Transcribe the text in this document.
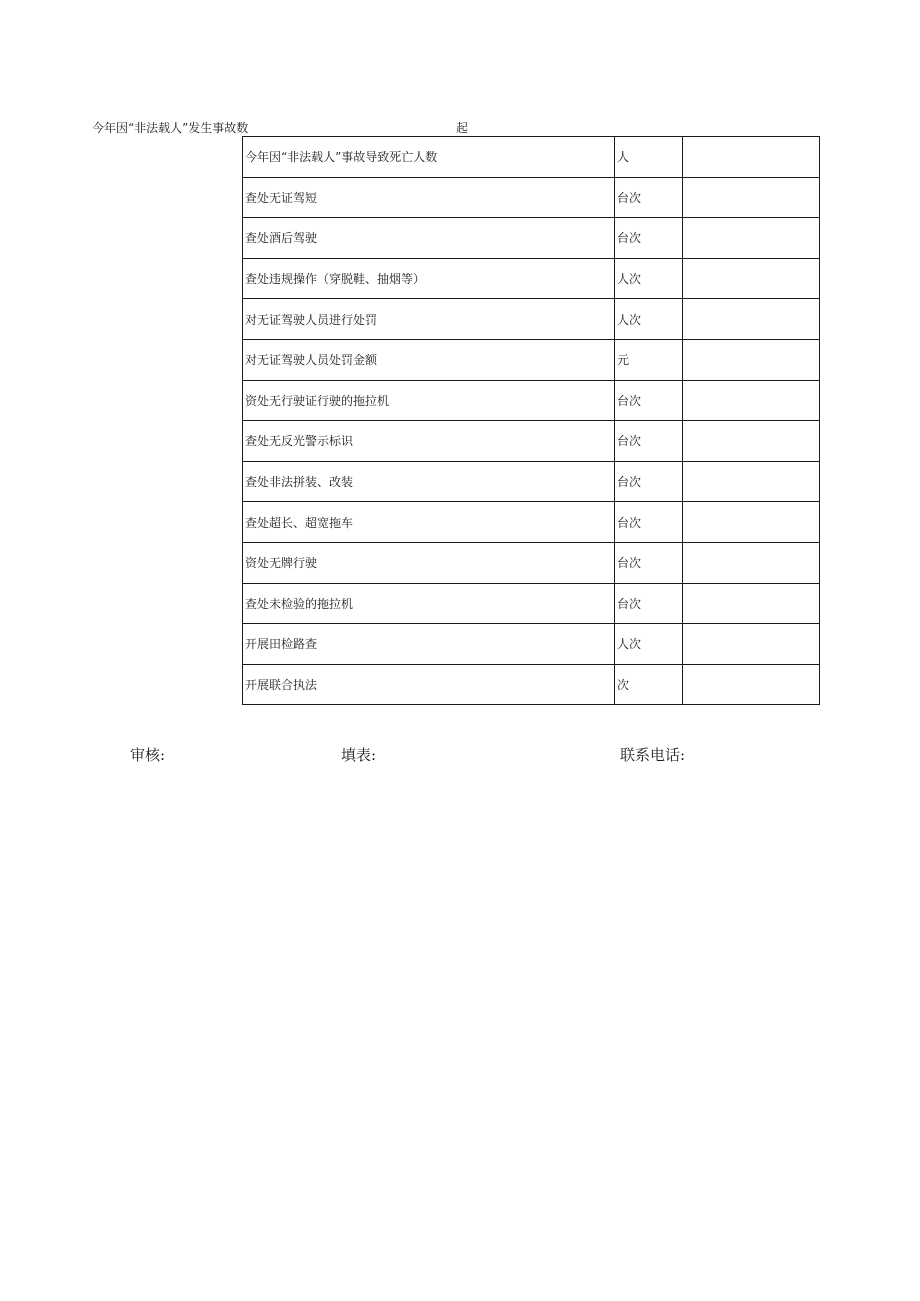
今年因“非法载人”发生事故数	起
今年因“非法载人”事故导致死亡人数	人	
查处无证驾短	台次	
查处酒后驾驶	台次	
查处违规操作（穿脱鞋、抽烟等）	人次	
对无证驾驶人员进行处罚	人次	
对无证驾驶人员处罚金额	元	
资处无行驶证行驶的拖拉机	台次	
查处无反光警示标识	台次	
查处非法拼装、改装	台次	
查处超长、超宽拖车	台次	
资处无牌行驶	台次	
查处未检验的拖拉机	台次	
开展田检路查	人次	
开展联合执法	次	
审核:	填表:	联系电话:
